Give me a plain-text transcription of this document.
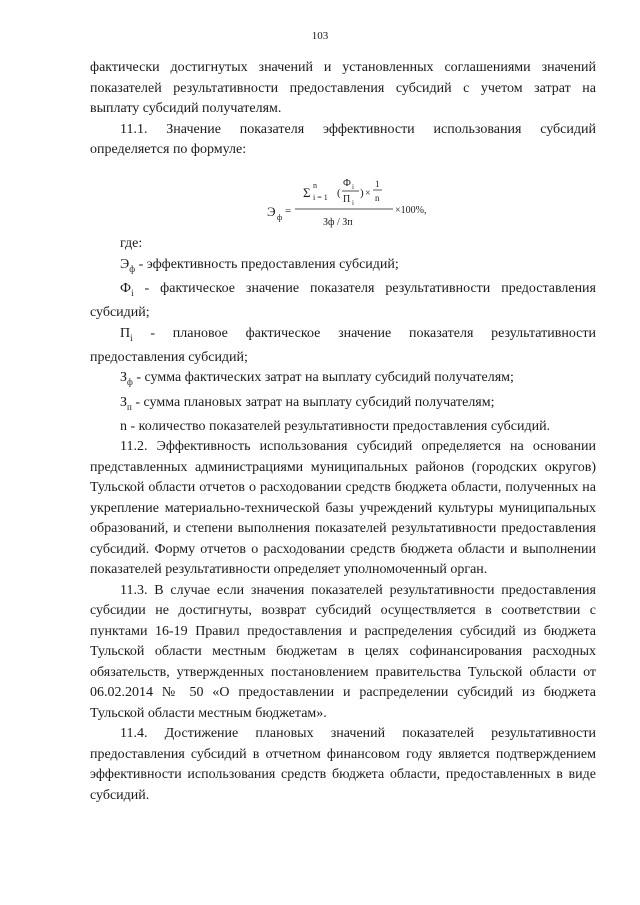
103

фактически достигнутых значений и установленных соглашениями значений

показателей результативности предоставления субсидий с учетом затрат на

выплату субсидий получателям.

11.1. Значение показателя эффективности использования субсидий определяется по формуле:

Э ф
=
Σ n
i = 1 (
Ф i
П i
) ×
1
n
Зф / Зп
×100%,

где:

$Э_ф$ - эффективность предоставления субсидий;

$Ф_i$ - фактическое значение показателя результативности предоставления субсидий;

$П_i$ - плановое фактическое значение показателя результативности предоставления субсидий;

$З_ф$ - сумма фактических затрат на выплату субсидий получателям;

$З_п$ - сумма плановых затрат на выплату субсидий получателям;

n - количество показателей результативности предоставления субсидий.

11.2. Эффективность использования субсидий определяется на основании представленных администрациями муниципальных районов (городских округов) Тульской области отчетов о расходовании средств бюджета области, полученных на укрепление материально-технической базы учреждений культуры муниципальных образований, и степени выполнения показателей результативности предоставления субсидий. Форму отчетов о расходовании средств бюджета области и выполнении показателей результативности определяет уполномоченный орган.

11.3. В случае если значения показателей результативности предоставления субсидии не достигнуты, возврат субсидий осуществляется в соответствии с пунктами 16-19 Правил предоставления и распределения субсидий из бюджета Тульской области местным бюджетам в целях софинансирования расходных обязательств, утвержденных постановлением правительства Тульской области от 06.02.2014 № 50 «О предоставлении и распределении субсидий из бюджета Тульской области местным бюджетам».

11.4. Достижение плановых значений показателей результативности предоставления субсидий в отчетном финансовом году является подтверждением эффективности использования средств бюджета области, предоставленных в виде субсидий.
